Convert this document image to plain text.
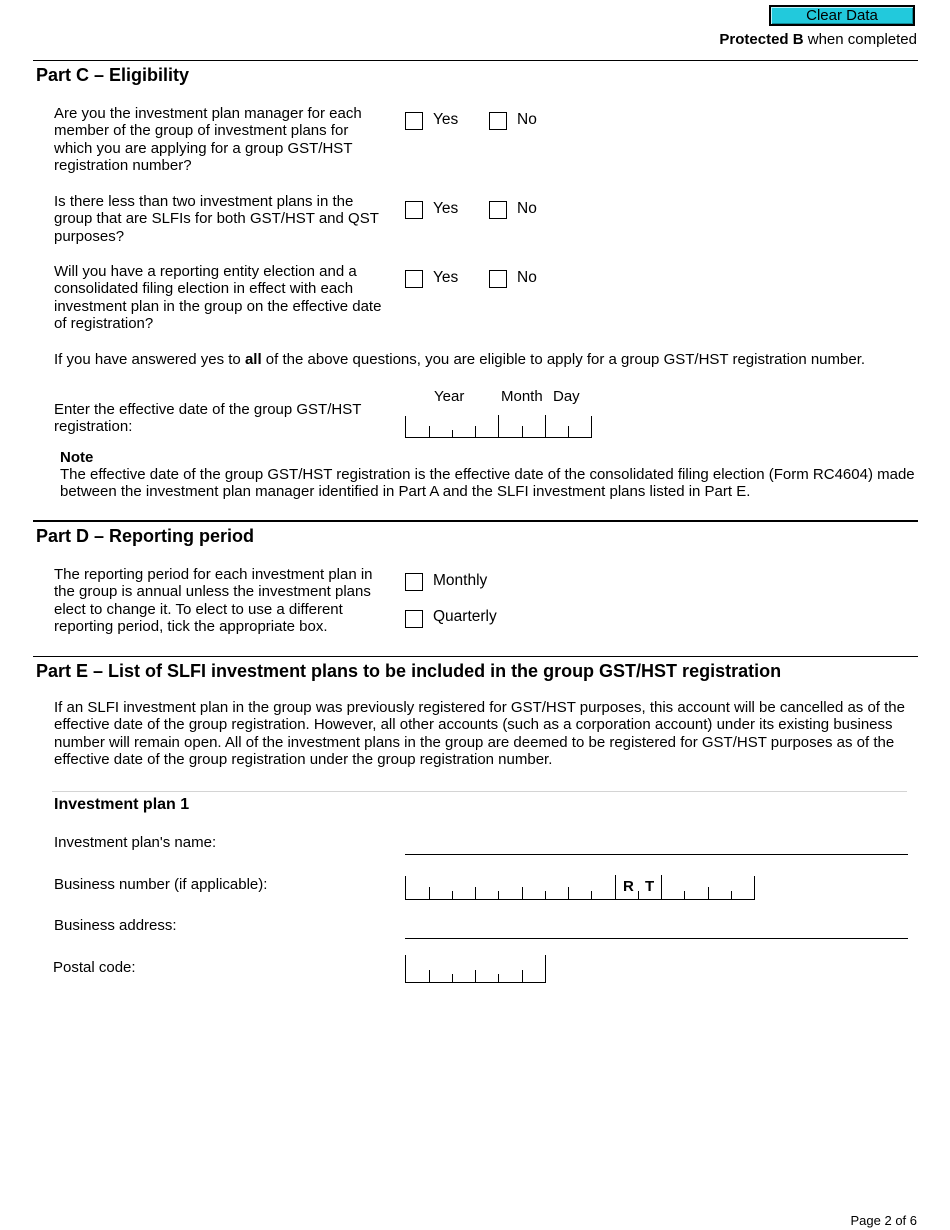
Clear Data
Protected B when completed
Part C – Eligibility
Are you the investment plan manager for each member of the group of investment plans for which you are applying for a group GST/HST registration number?
Yes	No
Is there less than two investment plans in the group that are SLFIs for both GST/HST and QST purposes?
Yes	No
Will you have a reporting entity election and a consolidated filing election in effect with each investment plan in the group on the effective date of registration?
Yes	No
If you have answered yes to all of the above questions, you are eligible to apply for a group GST/HST registration number.
Year Month Day
Enter the effective date of the group GST/HST registration:
Note
The effective date of the group GST/HST registration is the effective date of the consolidated filing election (Form RC4604) made between the investment plan manager identified in Part A and the SLFI investment plans listed in Part E.
Part D – Reporting period
The reporting period for each investment plan in the group is annual unless the investment plans elect to change it. To elect to use a different reporting period, tick the appropriate box.
Monthly
Quarterly
Part E – List of SLFI investment plans to be included in the group GST/HST registration
If an SLFI investment plan in the group was previously registered for GST/HST purposes, this account will be cancelled as of the effective date of the group registration. However, all other accounts (such as a corporation account) under its existing business number will remain open. All of the investment plans in the group are deemed to be registered for GST/HST purposes as of the effective date of the group registration under the group registration number.
Investment plan 1
Investment plan's name:
Business number (if applicable):	R T
Business address:
Postal code:
Page 2 of 6
